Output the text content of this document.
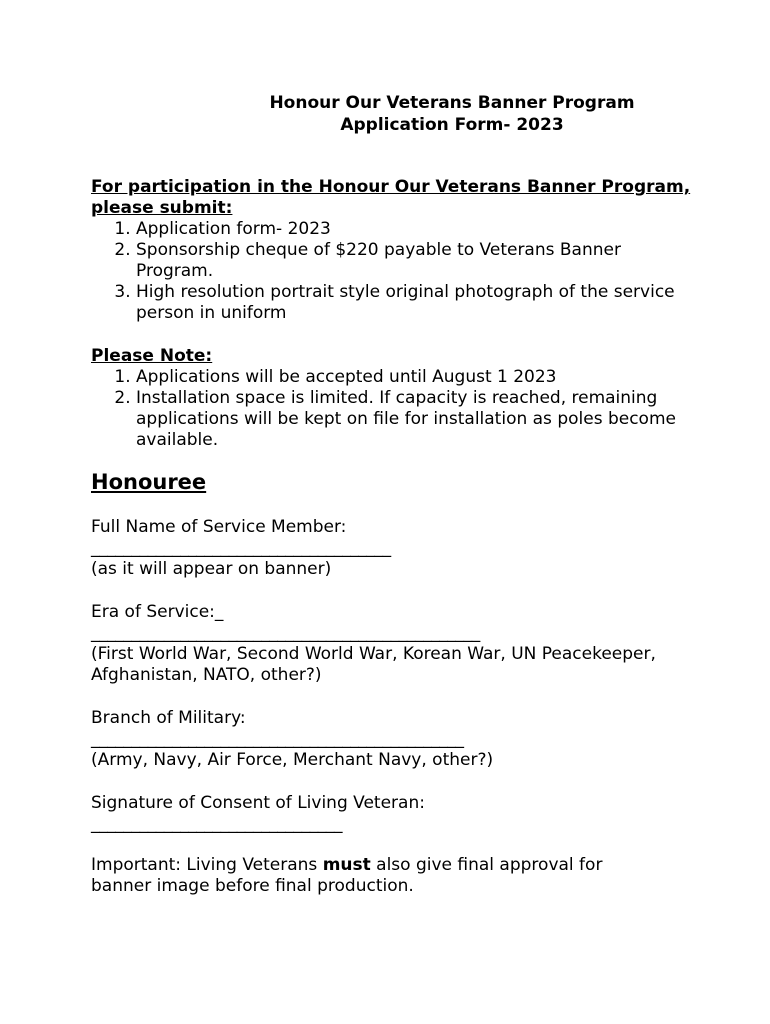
Honour Our Veterans Banner Program
Application Form- 2023
For participation in the Honour Our Veterans Banner Program, please submit:
1. Application form- 2023
2. Sponsorship cheque of $220 payable to Veterans Banner Program.
3. High resolution portrait style original photograph of the service person in uniform
Please Note:
1. Applications will be accepted until August 1 2023
2. Installation space is limited. If capacity is reached, remaining applications will be kept on file for installation as poles become available.
Honouree
Full Name of Service Member:
_____________________________________
(as it will appear on banner)
Era of Service:_
________________________________________________
(First World War, Second World War, Korean War, UN Peacekeeper, Afghanistan, NATO, other?)
Branch of Military:
______________________________________________
(Army, Navy, Air Force, Merchant Navy, other?)
Signature of Consent of Living Veteran:
_______________________________
Important: Living Veterans must also give final approval for banner image before final production.
